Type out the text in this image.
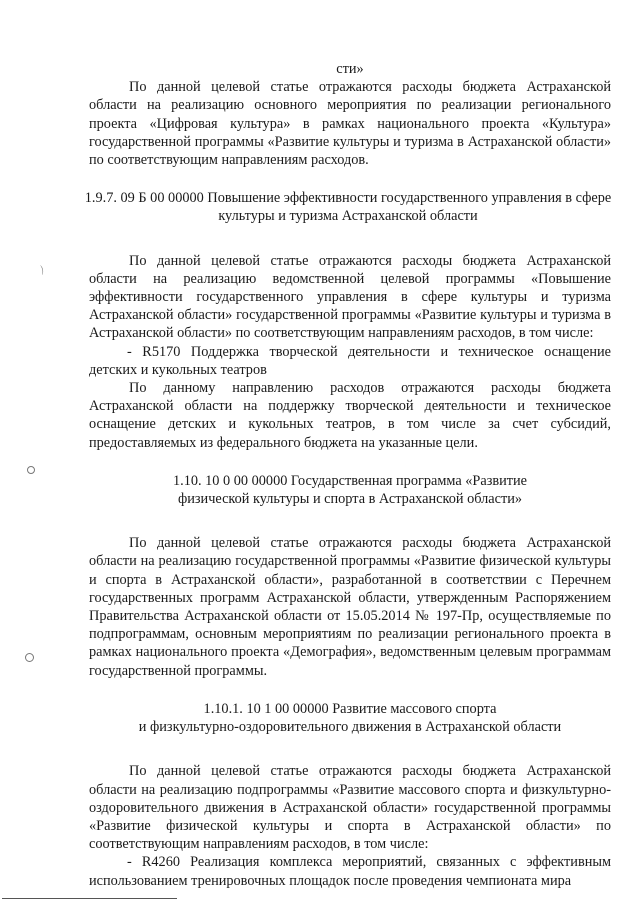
⌒

сти»

По данной целевой статье отражаются расходы бюджета Астраханской области на реализацию основного мероприятия по реализации регионального проекта «Цифровая культура» в рамках национального проекта «Культура» государственной программы «Развитие культуры и туризма в Астраханской области» по соответствующим направлениям расходов.

1.9.7. 09 Б 00 00000 Повышение эффективности государственного управления в сфере культуры и туризма Астраханской области

По данной целевой статье отражаются расходы бюджета Астраханской области на реализацию ведомственной целевой программы «Повышение эффективности государственного управления в сфере культуры и туризма Астраханской области» государственной программы «Развитие культуры и туризма в Астраханской области» по соответствующим направлениям расходов, в том числе:

- R5170 Поддержка творческой деятельности и техническое оснащение детских и кукольных театров

По данному направлению расходов отражаются расходы бюджета Астраханской области на поддержку творческой деятельности и техническое оснащение детских и кукольных театров, в том числе за счет субсидий, предоставляемых из федерального бюджета на указанные цели.

1.10. 10 0 00 00000 Государственная программа «Развитие

физической культуры и спорта в Астраханской области»

По данной целевой статье отражаются расходы бюджета Астраханской области на реализацию государственной программы «Развитие физической культуры и спорта в Астраханской области», разработанной в соответствии с Перечнем государственных программ Астраханской области, утвержденным Распоряжением Правительства Астраханской области от 15.05.2014 № 197-Пр, осуществляемые по подпрограммам, основным мероприятиям по реализации регионального проекта в рамках национального проекта «Демография», ведомственным целевым программам государственной программы.

1.10.1. 10 1 00 00000 Развитие массового спорта

и физкультурно-оздоровительного движения в Астраханской области

По данной целевой статье отражаются расходы бюджета Астраханской области на реализацию подпрограммы «Развитие массового спорта и физкультурно-оздоровительного движения в Астраханской области» государственной программы «Развитие физической культуры и спорта в Астраханской области» по соответствующим направлениям расходов, в том числе:

- R4260 Реализация комплекса мероприятий, связанных с эффективным использованием тренировочных площадок после проведения чемпионата мира
